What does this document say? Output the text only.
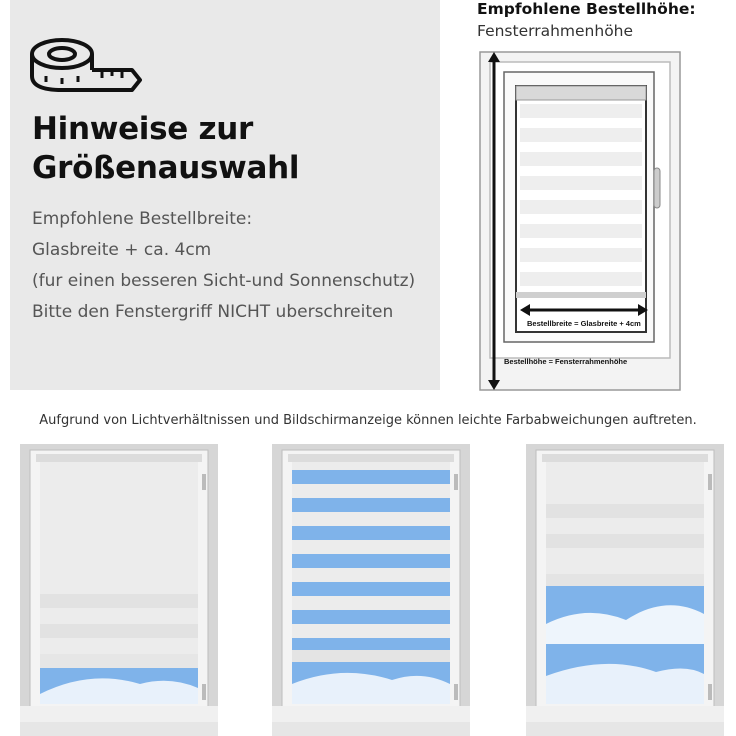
Hinweise zur
Größenauswahl
Empfohlene Bestellbreite:
Glasbreite + ca. 4cm
(fur einen besseren Sicht-und Sonnenschutz)
Bitte den Fenstergriff NICHT uberschreiten
Empfohlene Bestellhöhe:
Fensterrahmenhöhe
Bestellbreite = Glasbreite + 4cm
Bestellhöhe = Fensterrahmenhöhe
Aufgrund von Lichtverhältnissen und Bildschirmanzeige können leichte Farbabweichungen auftreten.
